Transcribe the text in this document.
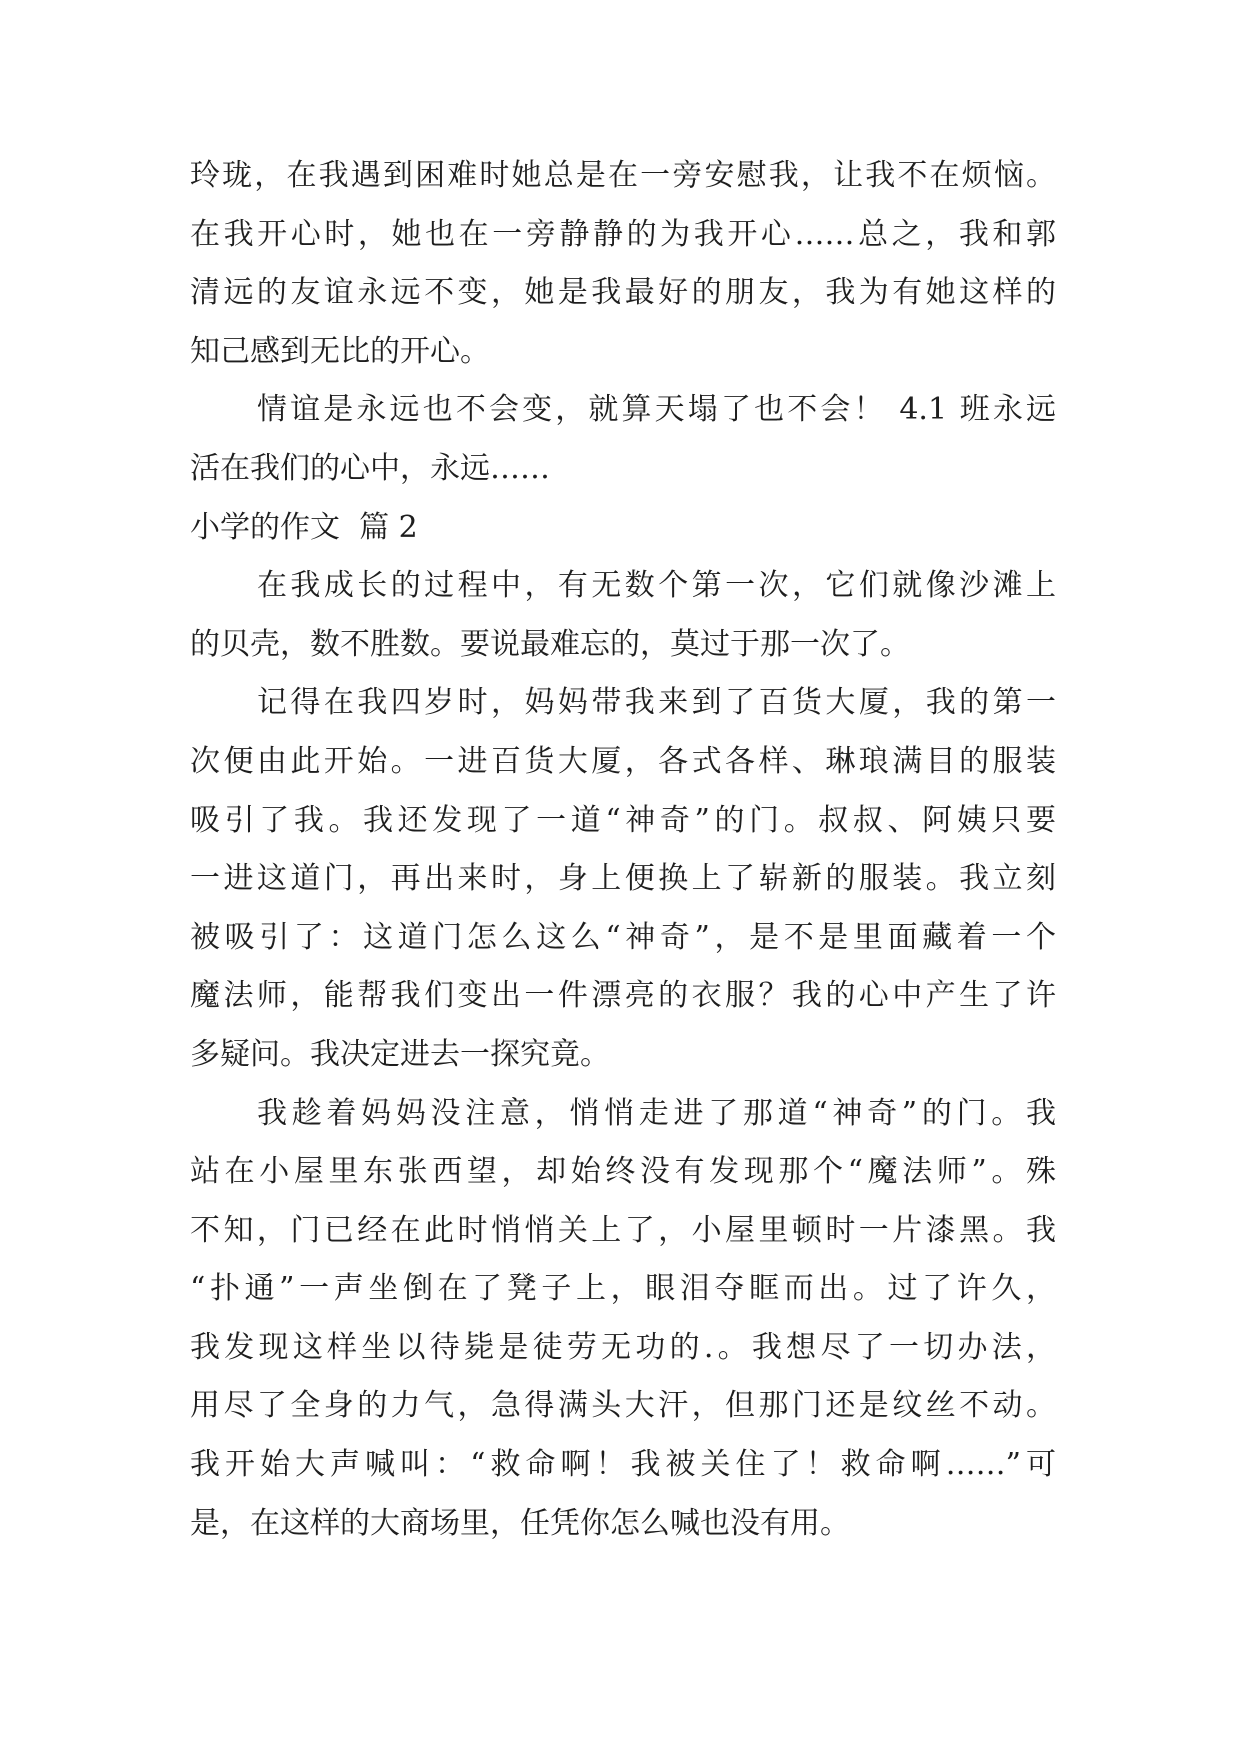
玲珑，在我遇到困难时她总是在一旁安慰我，让我不在烦恼。
在我开心时，她也在一旁静静的为我开心……总之，我和郭
清远的友谊永远不变，她是我最好的朋友，我为有她这样的
知己感到无比的开心。
情谊是永远也不会变，就算天塌了也不会！ 4.1 班永远
活在我们的心中，永远……
小学的作文  篇 2
在我成长的过程中，有无数个第一次，它们就像沙滩上
的贝壳，数不胜数。要说最难忘的，莫过于那一次了。
记得在我四岁时，妈妈带我来到了百货大厦，我的第一
次便由此开始。一进百货大厦，各式各样、琳琅满目的服装
吸引了我。我还发现了一道“神奇”的门。叔叔、阿姨只要
一进这道门，再出来时，身上便换上了崭新的服装。我立刻
被吸引了：这道门怎么这么“神奇”，是不是里面藏着一个
魔法师，能帮我们变出一件漂亮的衣服？我的心中产生了许
多疑问。我决定进去一探究竟。
我趁着妈妈没注意，悄悄走进了那道“神奇”的门。我
站在小屋里东张西望，却始终没有发现那个“魔法师”。殊
不知，门已经在此时悄悄关上了，小屋里顿时一片漆黑。我
“扑通”一声坐倒在了凳子上，眼泪夺眶而出。过了许久，
我发现这样坐以待毙是徒劳无功的.。我想尽了一切办法，
用尽了全身的力气，急得满头大汗，但那门还是纹丝不动。
我开始大声喊叫：“救命啊！我被关住了！救命啊……”可
是，在这样的大商场里，任凭你怎么喊也没有用。
